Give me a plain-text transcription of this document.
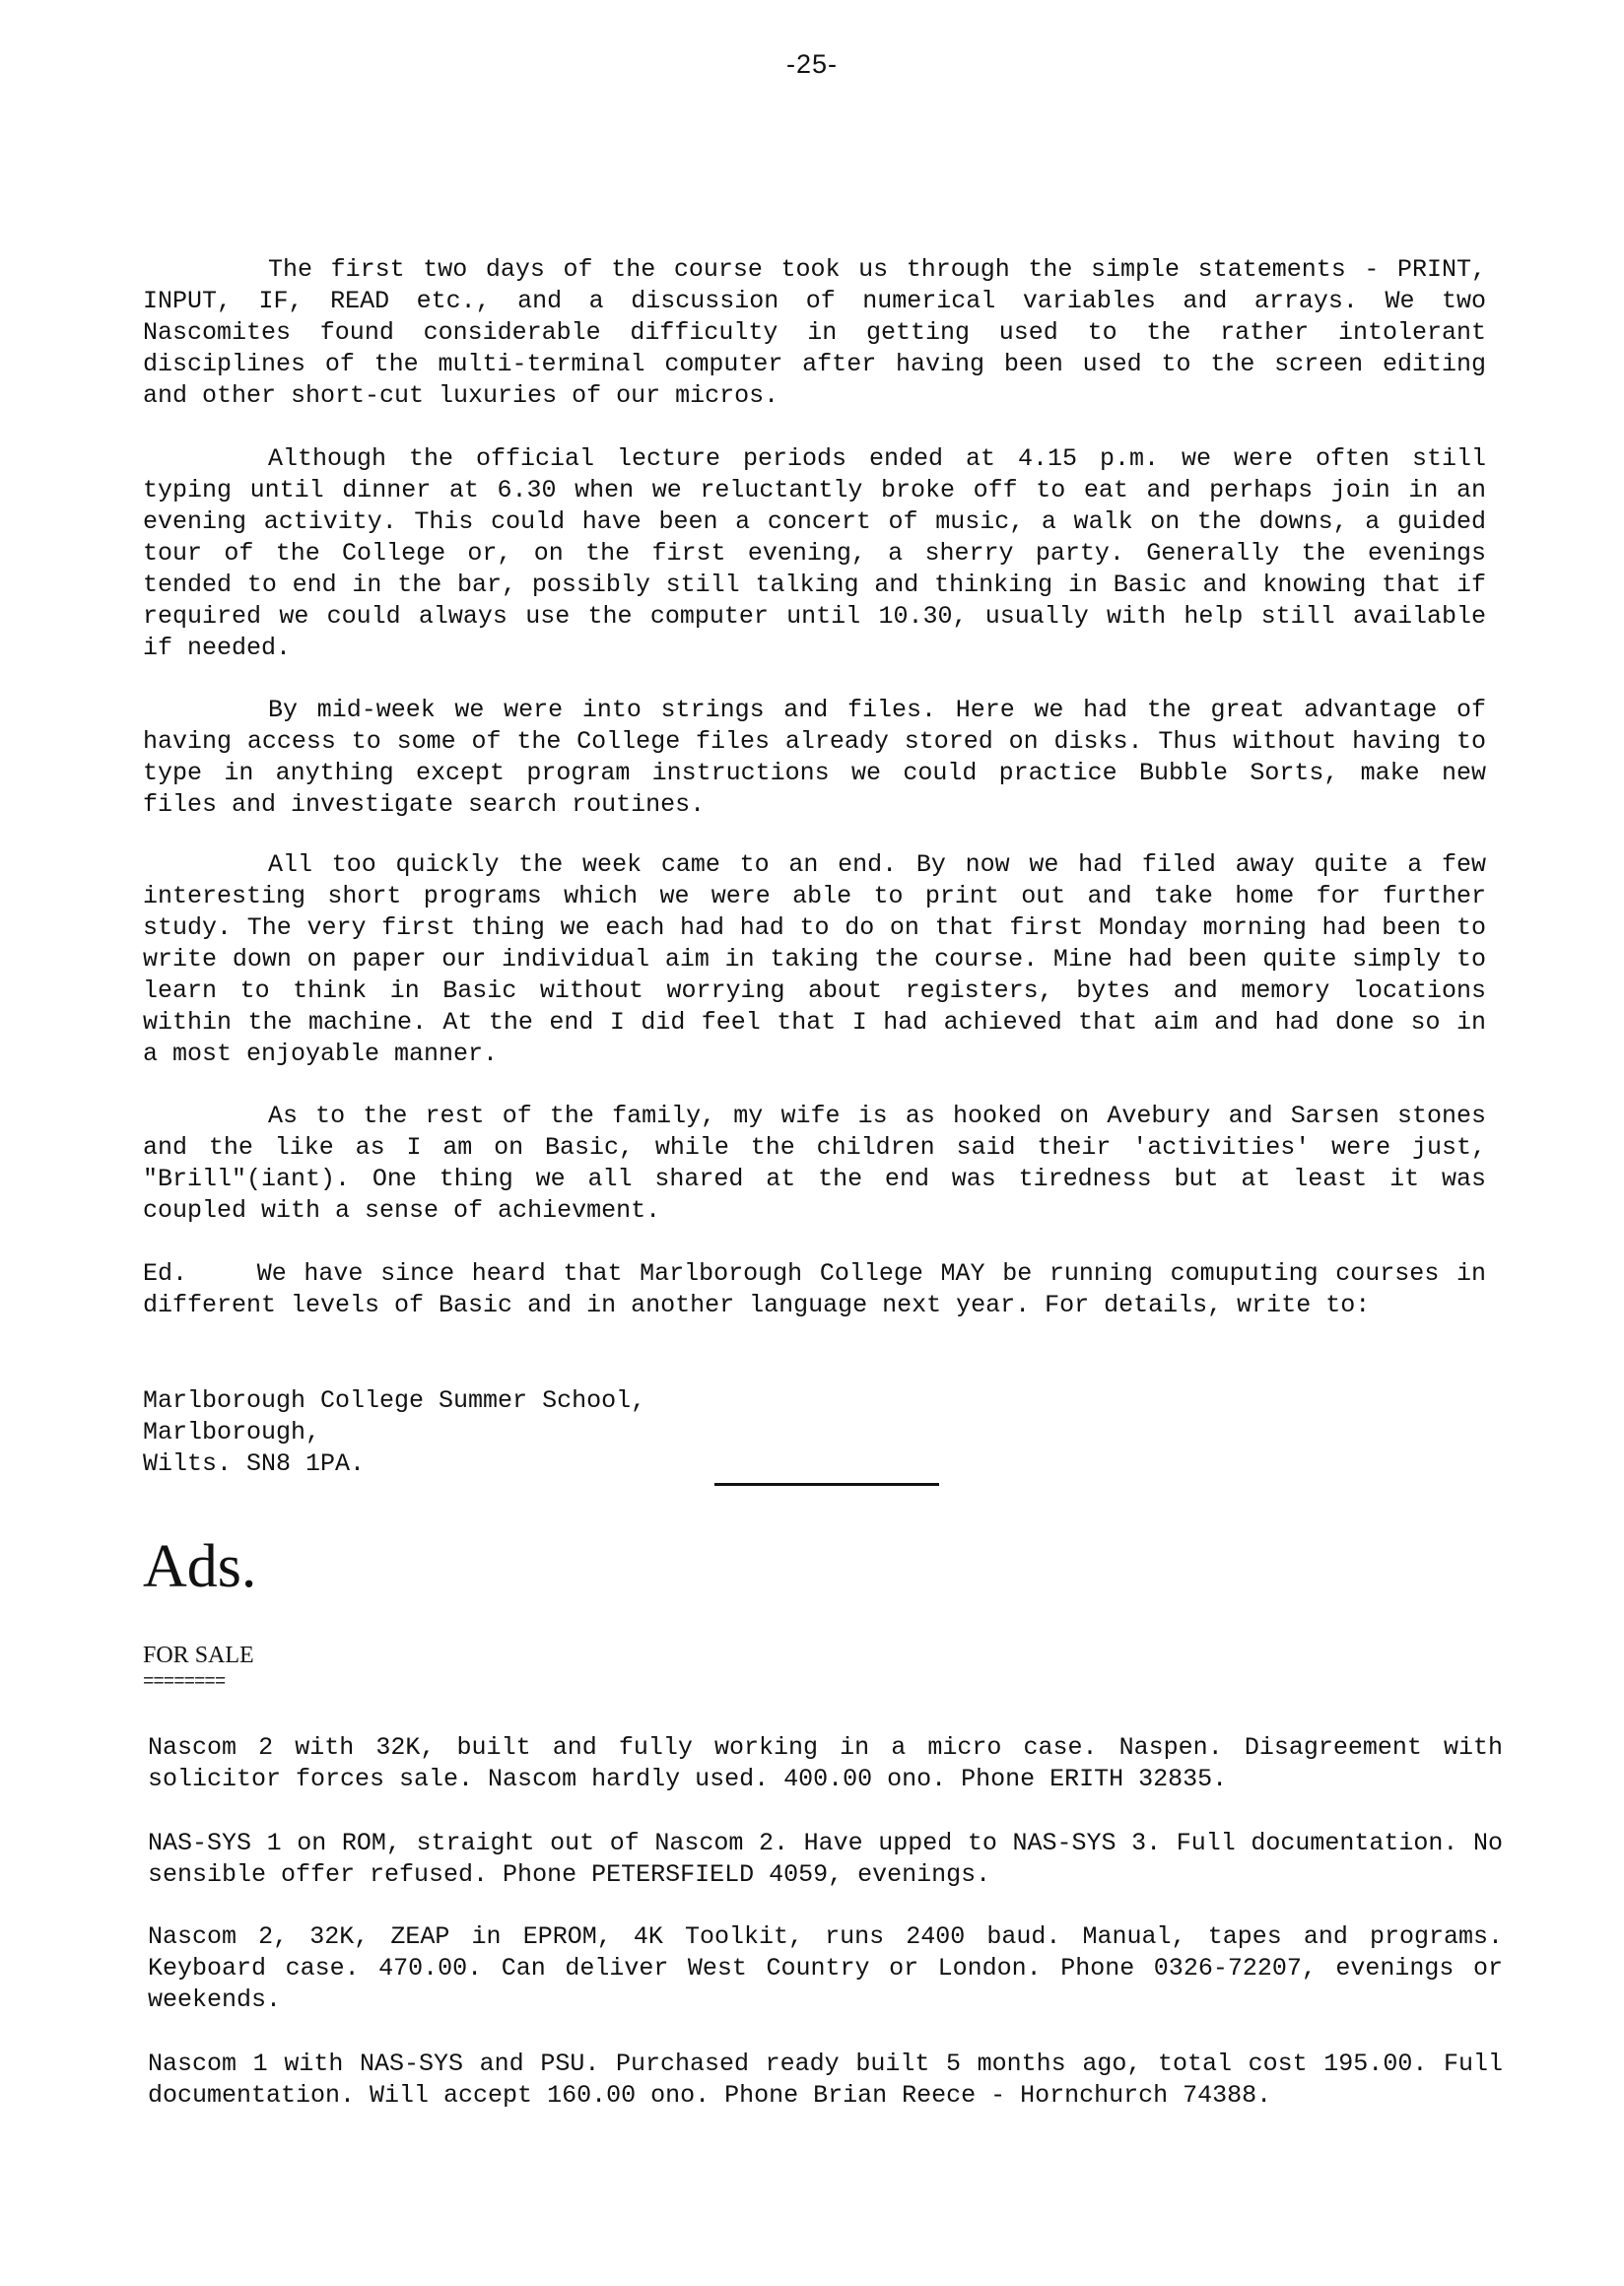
-25-

The first two days of the course took us through the simple statements - PRINT, INPUT, IF, READ etc., and a discussion of numerical variables and arrays. We two Nascomites found considerable difficulty in getting used to the rather intolerant disciplines of the multi-terminal computer after having been used to the screen editing and other short-cut luxuries of our micros.

Although the official lecture periods ended at 4.15 p.m. we were often still typing until dinner at 6.30 when we reluctantly broke off to eat and perhaps join in an evening activity. This could have been a concert of music, a walk on the downs, a guided tour of the College or, on the first evening, a sherry party. Generally the evenings tended to end in the bar, possibly still talking and thinking in Basic and knowing that if required we could always use the computer until 10.30, usually with help still available if needed.

By mid-week we were into strings and files. Here we had the great advantage of having access to some of the College files already stored on disks. Thus without having to type in anything except program instructions we could practice Bubble Sorts, make new files and investigate search routines.

All too quickly the week came to an end. By now we had filed away quite a few interesting short programs which we were able to print out and take home for further study. The very first thing we each had had to do on that first Monday morning had been to write down on paper our individual aim in taking the course. Mine had been quite simply to learn to think in Basic without worrying about registers, bytes and memory locations within the machine. At the end I did feel that I had achieved that aim and had done so in a most enjoyable manner.

As to the rest of the family, my wife is as hooked on Avebury and Sarsen stones and the like as I am on Basic, while the children said their 'activities' were just, "Brill"(iant). One thing we all shared at the end was tiredness but at least it was coupled with a sense of achievment.

Ed.    We have since heard that Marlborough College MAY be running comuputing courses in different levels of Basic and in another language next year. For details, write to:

Marlborough College Summer School,
Marlborough,
Wilts. SN8 1PA.
Ads.
FOR SALE
========

Nascom 2 with 32K, built and fully working in a micro case. Naspen. Disagreement with solicitor forces sale. Nascom hardly used. 400.00 ono. Phone ERITH 32835.

NAS-SYS 1 on ROM, straight out of Nascom 2. Have upped to NAS-SYS 3. Full documentation. No sensible offer refused. Phone PETERSFIELD 4059, evenings.

Nascom 2, 32K, ZEAP in EPROM, 4K Toolkit, runs 2400 baud. Manual, tapes and programs. Keyboard case. 470.00. Can deliver West Country or London. Phone 0326-72207, evenings or weekends.

Nascom 1 with NAS-SYS and PSU. Purchased ready built 5 months ago, total cost 195.00. Full documentation. Will accept 160.00 ono. Phone Brian Reece - Hornchurch 74388.
